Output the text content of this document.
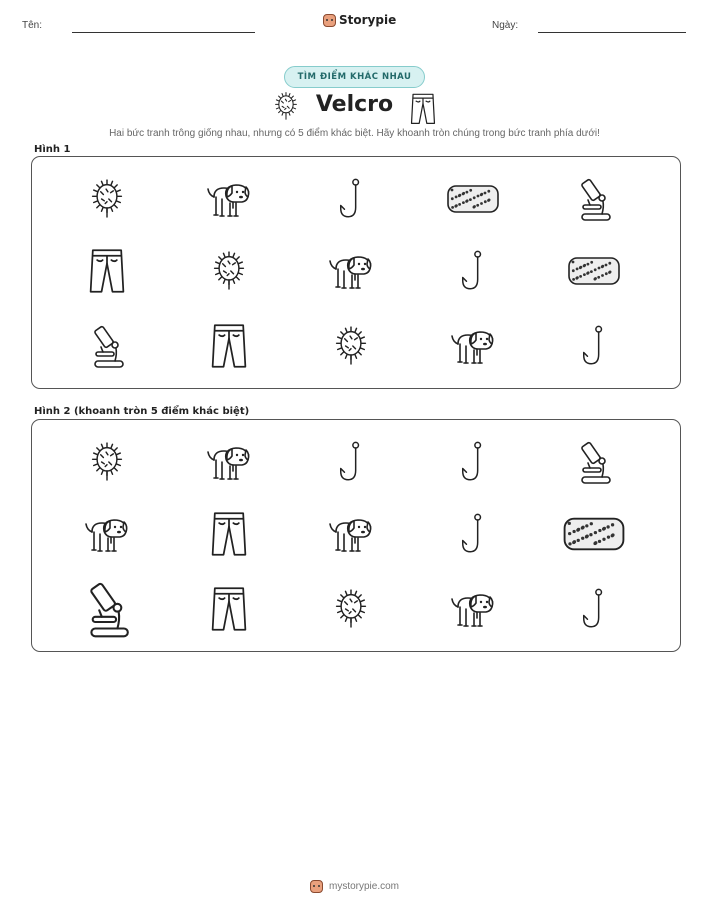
Tên:	Storypie	Ngày:
TÌM ĐIỂM KHÁC NHAU
Velcro
Hai bức tranh trông giống nhau, nhưng có 5 điểm khác biệt. Hãy khoanh tròn chúng trong bức tranh phía dưới!
Hình 1
Hình 2 (khoanh tròn 5 điểm khác biệt)
mystorypie.com
